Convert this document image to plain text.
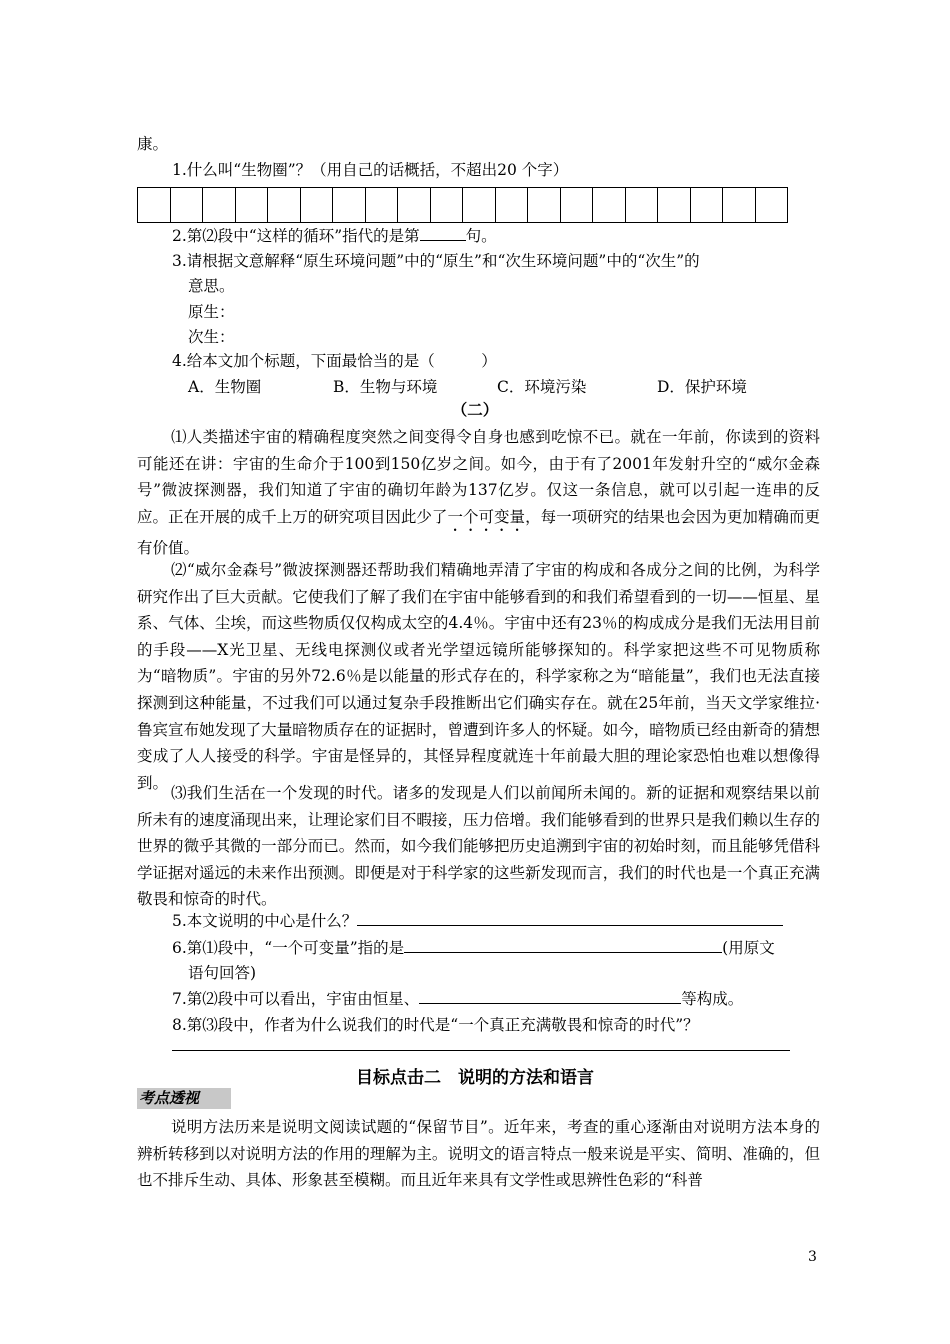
康。
1.什么叫“生物圈”？（用自己的话概括，不超出20 个字）
2.第⑵段中“这样的循环”指代的是第	句。
3.请根据文意解释“原生环境问题”中的“原生”和“次生环境问题”中的“次生”的
意思。
原生：
次生：
4.给本文加个标题，下面最恰当的是（　　　）
A．生物圈	B．生物与环境	C．环境污染	D．保护环境
（二）
⑴人类描述宇宙的精确程度突然之间变得令自身也感到吃惊不已。就在一年前，你读到的资料可能还在讲：宇宙的生命介于100到150亿岁之间。如今，由于有了2001年发射升空的“威尔金森号”微波探测器，我们知道了宇宙的确切年龄为137亿岁。仅这一条信息，就可以引起一连串的反应。正在开展的成千上万的研究项目因此少了一个可变量，每一项研究的结果也会因为更加精确而更有价值。
⑵“威尔金森号”微波探测器还帮助我们精确地弄清了宇宙的构成和各成分之间的比例，为科学研究作出了巨大贡献。它使我们了解了我们在宇宙中能够看到的和我们希望看到的一切——恒星、星系、气体、尘埃，而这些物质仅仅构成太空的4.4％。宇宙中还有23％的构成成分是我们无法用目前的手段——X光卫星、无线电探测仪或者光学望远镜所能够探知的。科学家把这些不可见物质称为“暗物质”。宇宙的另外72.6％是以能量的形式存在的，科学家称之为“暗能量”，我们也无法直接探测到这种能量，不过我们可以通过复杂手段推断出它们确实存在。就在25年前，当天文学家维拉·鲁宾宣布她发现了大量暗物质存在的证据时，曾遭到许多人的怀疑。如今，暗物质已经由新奇的猜想变成了人人接受的科学。宇宙是怪异的，其怪异程度就连十年前最大胆的理论家恐怕也难以想像得到。
⑶我们生活在一个发现的时代。诸多的发现是人们以前闻所未闻的。新的证据和观察结果以前所未有的速度涌现出来，让理论家们目不暇接，压力倍增。我们能够看到的世界只是我们赖以生存的世界的微乎其微的一部分而已。然而，如今我们能够把历史追溯到宇宙的初始时刻，而且能够凭借科学证据对遥远的未来作出预测。即便是对于科学家的这些新发现而言，我们的时代也是一个真正充满敬畏和惊奇的时代。
5.本文说明的中心是什么？
6.第⑴段中，“一个可变量”指的是	(用原文
语句回答)
7.第⑵段中可以看出，宇宙由恒星、	等构成。
8.第⑶段中，作者为什么说我们的时代是“一个真正充满敬畏和惊奇的时代”？
目标点击二　说明的方法和语言
考点透视
说明方法历来是说明文阅读试题的“保留节目”。近年来，考查的重心逐渐由对说明方法本身的辨析转移到以对说明方法的作用的理解为主。说明文的语言特点一般来说是平实、简明、准确的，但也不排斥生动、具体、形象甚至模糊。而且近年来具有文学性或思辨性色彩的“科普
3
